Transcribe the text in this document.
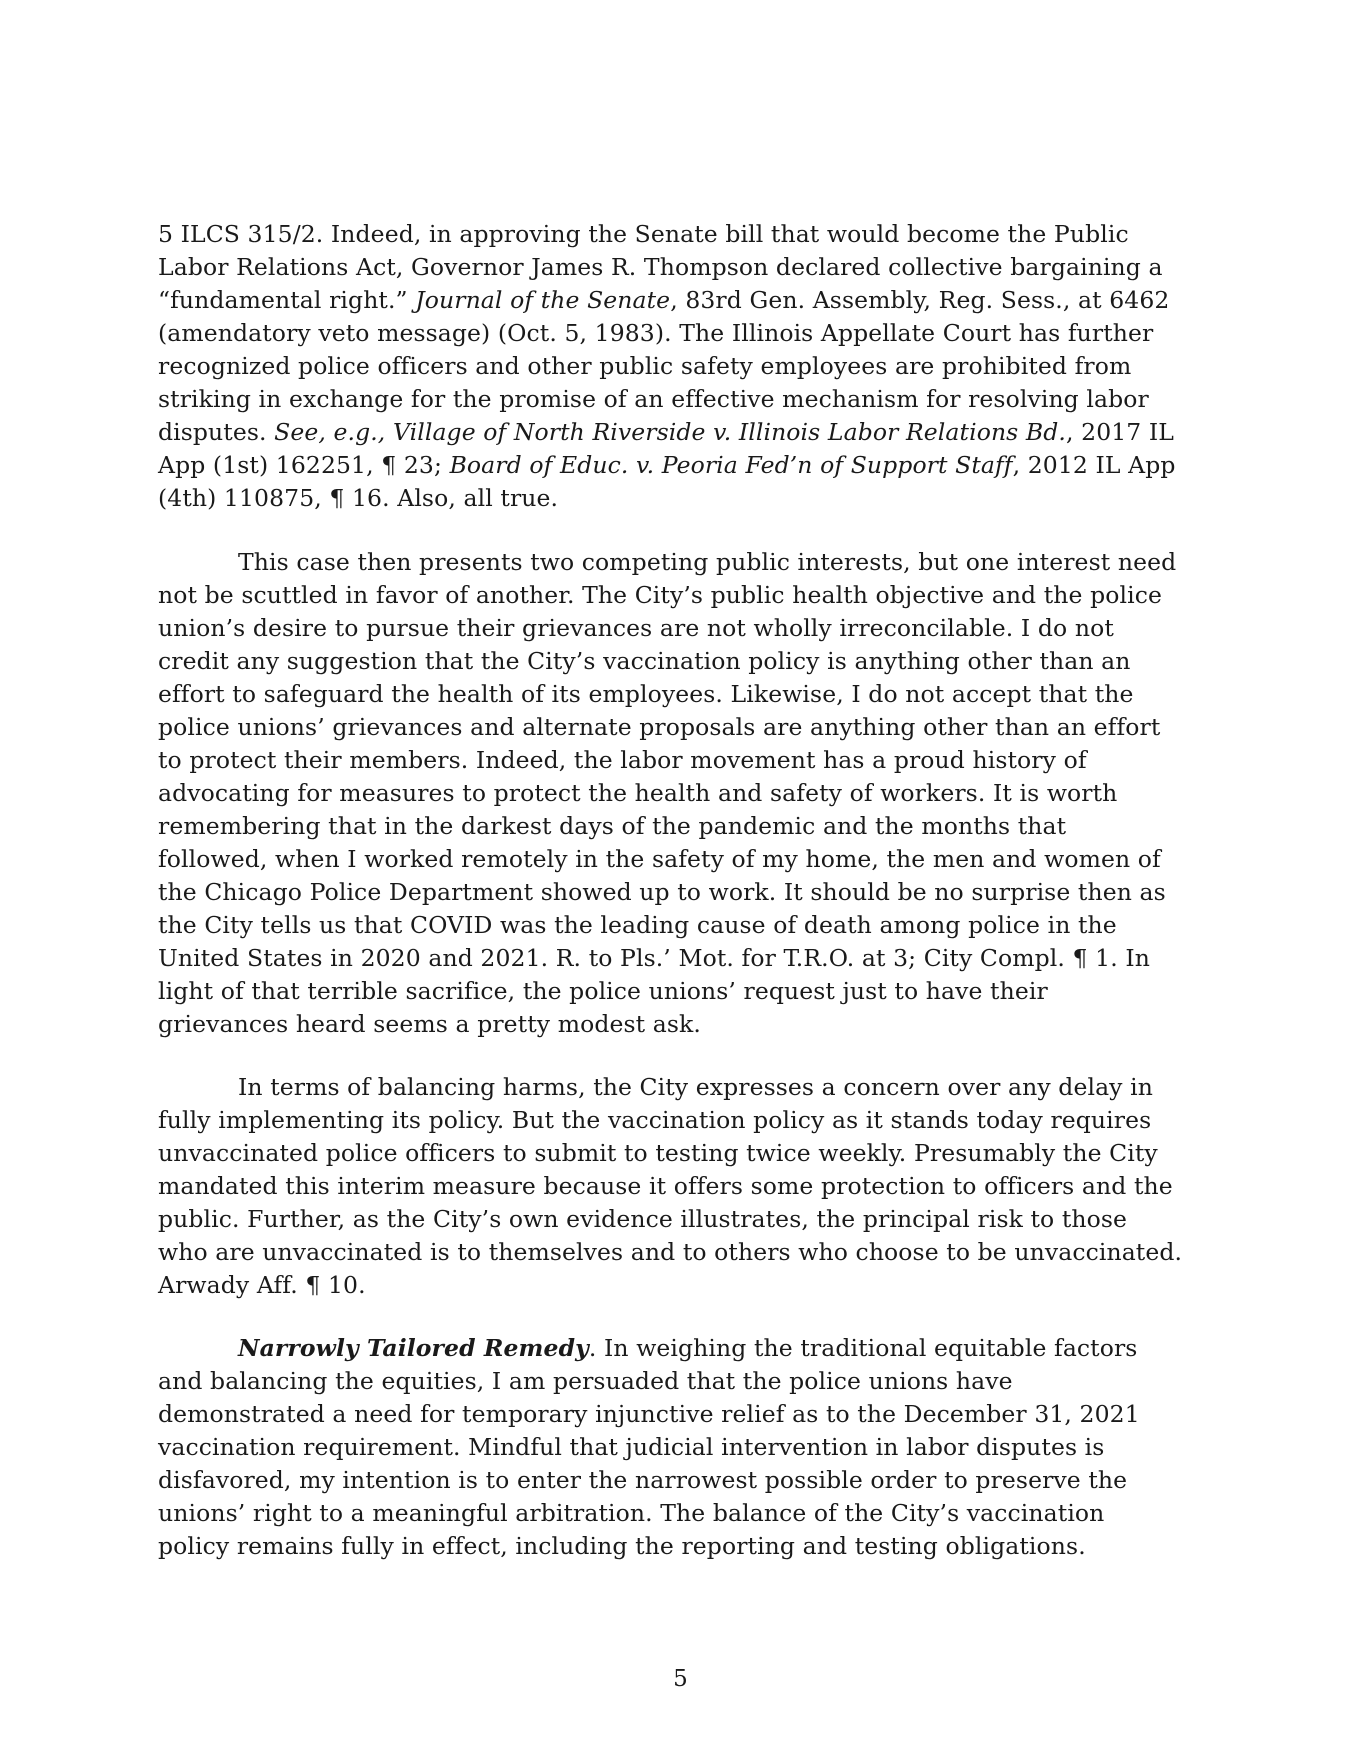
5 ILCS 315/2. Indeed, in approving the Senate bill that would become the Public Labor Relations Act, Governor James R. Thompson declared collective bargaining a “fundamental right.” Journal of the Senate, 83rd Gen. Assembly, Reg. Sess., at 6462 (amendatory veto message) (Oct. 5, 1983). The Illinois Appellate Court has further recognized police officers and other public safety employees are prohibited from striking in exchange for the promise of an effective mechanism for resolving labor disputes. See, e.g., Village of North Riverside v. Illinois Labor Relations Bd., 2017 IL App (1st) 162251, ¶ 23; Board of Educ. v. Peoria Fed’n of Support Staff, 2012 IL App (4th) 110875, ¶ 16. Also, all true.

This case then presents two competing public interests, but one interest need not be scuttled in favor of another. The City’s public health objective and the police union’s desire to pursue their grievances are not wholly irreconcilable. I do not credit any suggestion that the City’s vaccination policy is anything other than an effort to safeguard the health of its employees. Likewise, I do not accept that the police unions’ grievances and alternate proposals are anything other than an effort to protect their members. Indeed, the labor movement has a proud history of advocating for measures to protect the health and safety of workers. It is worth remembering that in the darkest days of the pandemic and the months that followed, when I worked remotely in the safety of my home, the men and women of the Chicago Police Department showed up to work. It should be no surprise then as the City tells us that COVID was the leading cause of death among police in the United States in 2020 and 2021. R. to Pls.’ Mot. for T.R.O. at 3; City Compl. ¶ 1. In light of that terrible sacrifice, the police unions’ request just to have their grievances heard seems a pretty modest ask.

In terms of balancing harms, the City expresses a concern over any delay in fully implementing its policy. But the vaccination policy as it stands today requires unvaccinated police officers to submit to testing twice weekly. Presumably the City mandated this interim measure because it offers some protection to officers and the public. Further, as the City’s own evidence illustrates, the principal risk to those who are unvaccinated is to themselves and to others who choose to be unvaccinated. Arwady Aff. ¶ 10.

Narrowly Tailored Remedy. In weighing the traditional equitable factors and balancing the equities, I am persuaded that the police unions have demonstrated a need for temporary injunctive relief as to the December 31, 2021 vaccination requirement. Mindful that judicial intervention in labor disputes is disfavored, my intention is to enter the narrowest possible order to preserve the unions’ right to a meaningful arbitration. The balance of the City’s vaccination policy remains fully in effect, including the reporting and testing obligations.

5
